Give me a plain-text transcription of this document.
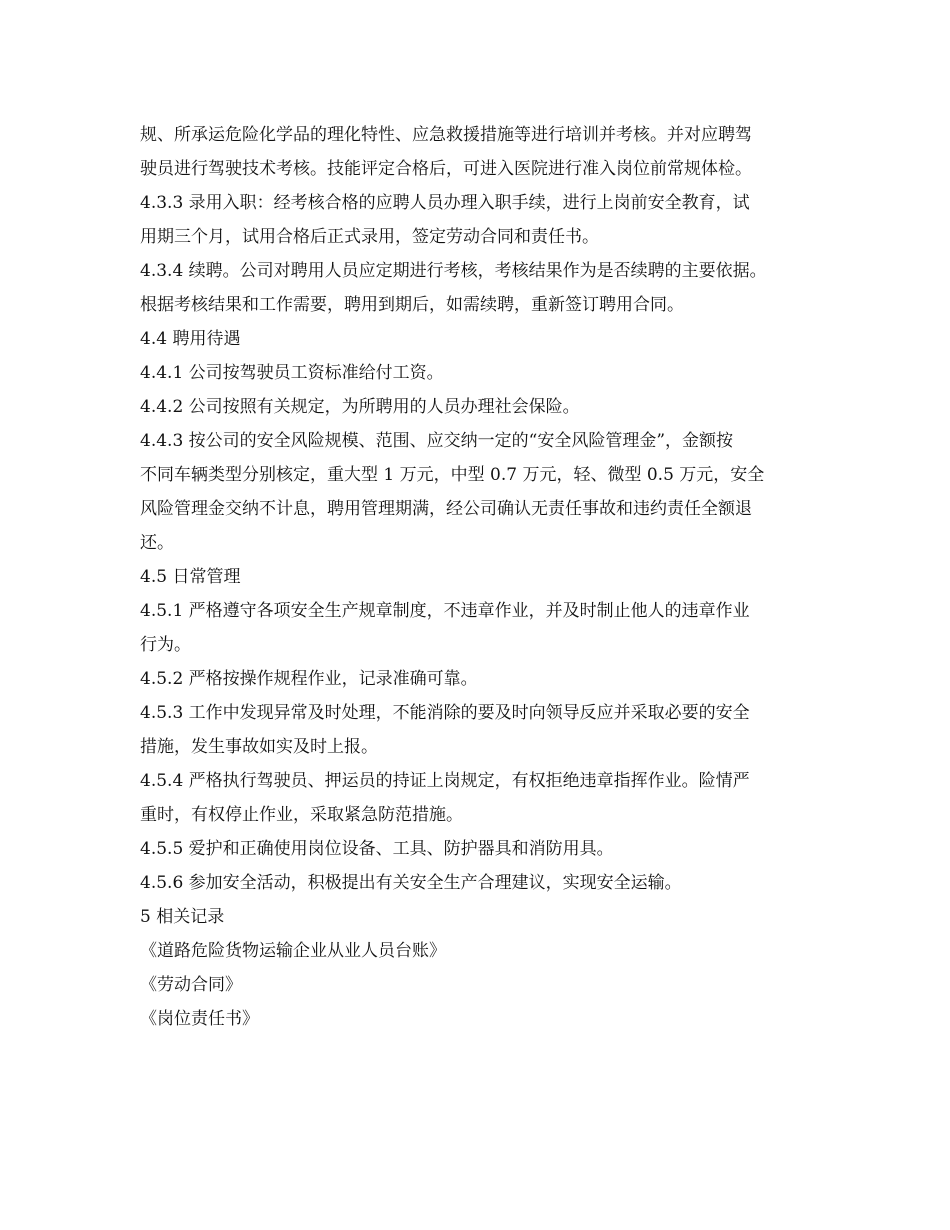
规、所承运危险化学品的理化特性、应急救援措施等进行培训并考核。并对应聘驾
驶员进行驾驶技术考核。技能评定合格后，可进入医院进行准入岗位前常规体检。
4.3.3 录用入职：经考核合格的应聘人员办理入职手续，进行上岗前安全教育，试
用期三个月，试用合格后正式录用，签定劳动合同和责任书。
4.3.4 续聘。公司对聘用人员应定期进行考核，考核结果作为是否续聘的主要依据。
根据考核结果和工作需要，聘用到期后，如需续聘，重新签订聘用合同。
4.4 聘用待遇
4.4.1 公司按驾驶员工资标准给付工资。
4.4.2 公司按照有关规定，为所聘用的人员办理社会保险。
4.4.3 按公司的安全风险规模、范围、应交纳一定的“安全风险管理金”，金额按
不同车辆类型分别核定，重大型 1 万元，中型 0.7 万元，轻、微型 0.5 万元，安全
风险管理金交纳不计息，聘用管理期满，经公司确认无责任事故和违约责任全额退
还。
4.5 日常管理
4.5.1 严格遵守各项安全生产规章制度，不违章作业，并及时制止他人的违章作业
行为。
4.5.2 严格按操作规程作业，记录准确可靠。
4.5.3 工作中发现异常及时处理，不能消除的要及时向领导反应并采取必要的安全
措施，发生事故如实及时上报。
4.5.4 严格执行驾驶员、押运员的持证上岗规定，有权拒绝违章指挥作业。险情严
重时，有权停止作业，采取紧急防范措施。
4.5.5 爱护和正确使用岗位设备、工具、防护器具和消防用具。
4.5.6 参加安全活动，积极提出有关安全生产合理建议，实现安全运输。
5 相关记录
《道路危险货物运输企业从业人员台账》
《劳动合同》
《岗位责任书》
